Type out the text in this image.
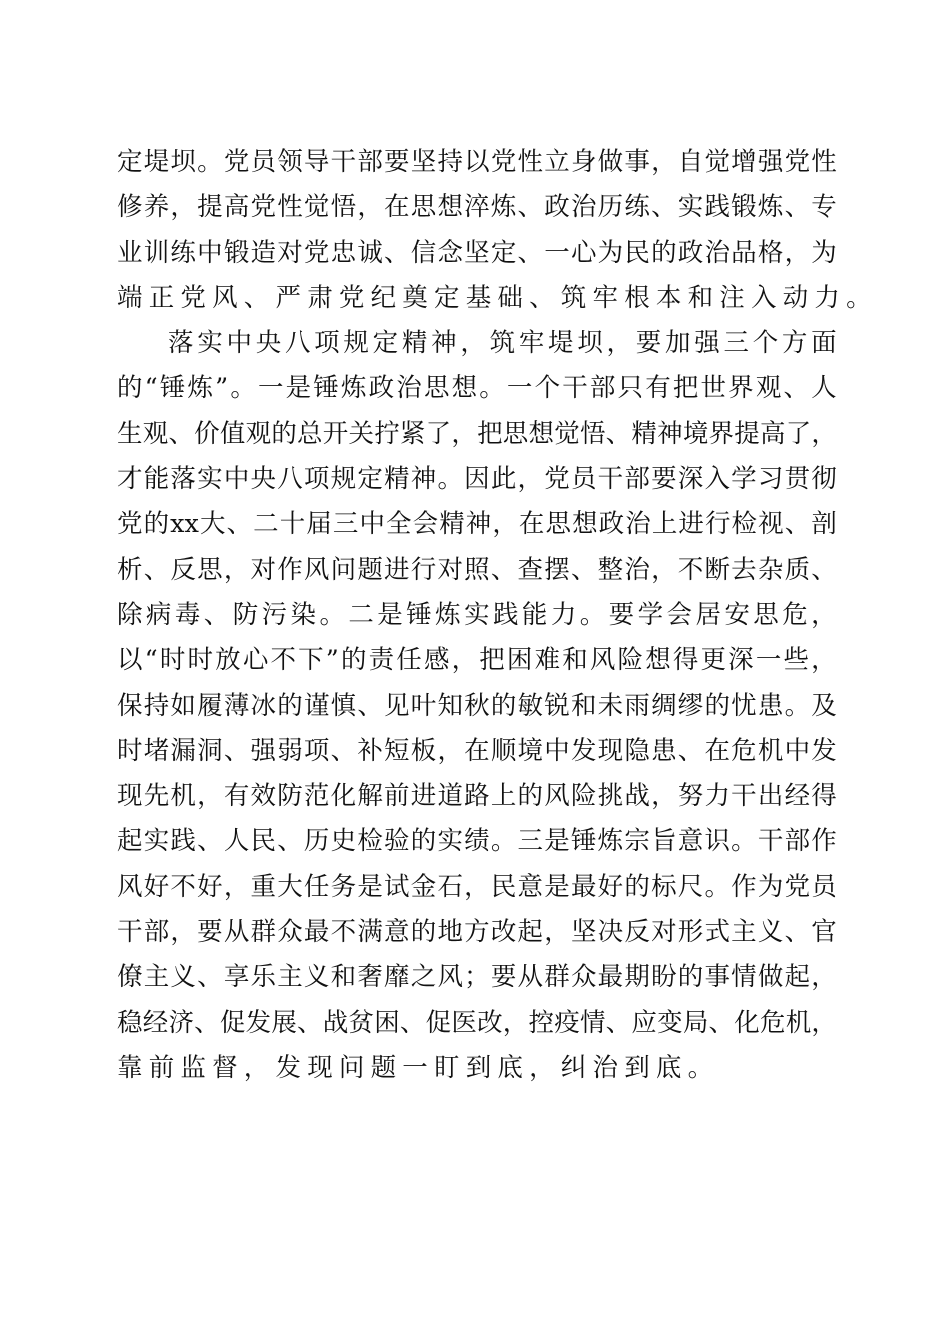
定 堤 坝 。 党 员 领 导 干 部 要 坚 持 以 党 性 立 身 做 事 ， 自 觉 增 强 党 性
修 养 ， 提 高 党 性 觉 悟 ， 在 思 想 淬 炼 、 政 治 历 练 、 实 践 锻 炼 、 专
业 训 练 中 锻 造 对 党 忠 诚 、 信 念 坚 定 、 一 心 为 民 的 政 治 品 格 ， 为
端正党风、严肃党纪奠定基础、筑牢根本和注入动力。
落 实 中 央 八 项 规 定 精 神 ， 筑 牢 堤 坝 ， 要 加 强 三 个 方 面
的 “ 锤 炼 ” 。 一 是 锤 炼 政 治 思 想 。 一 个 干 部 只 有 把 世 界 观 、 人
生 观 、 价 值 观 的 总 开 关 拧 紧 了 ， 把 思 想 觉 悟 、 精 神 境 界 提 高 了 ，
才 能 落 实 中 央 八 项 规 定 精 神 。 因 此 ， 党 员 干 部 要 深 入 学 习 贯 彻
党 的 xx 大 、 二 十 届 三 中 全 会 精 神 ， 在 思 想 政 治 上 进 行 检 视 、 剖
析 、 反 思 ， 对 作 风 问 题 进 行 对 照 、 查 摆 、 整 治 ， 不 断 去 杂 质 、
除 病 毒 、 防 污 染 。 二 是 锤 炼 实 践 能 力 。 要 学 会 居 安 思 危 ，
以 “ 时 时 放 心 不 下 ” 的 责 任 感 ， 把 困 难 和 风 险 想 得 更 深 一 些 ，
保 持 如 履 薄 冰 的 谨 慎 、 见 叶 知 秋 的 敏 锐 和 未 雨 绸 缪 的 忧 患 。 及
时 堵 漏 洞 、 强 弱 项 、 补 短 板 ， 在 顺 境 中 发 现 隐 患 、 在 危 机 中 发
现 先 机 ， 有 效 防 范 化 解 前 进 道 路 上 的 风 险 挑 战 ， 努 力 干 出 经 得
起 实 践 、 人 民 、 历 史 检 验 的 实 绩 。 三 是 锤 炼 宗 旨 意 识 。 干 部 作
风 好 不 好 ， 重 大 任 务 是 试 金 石 ， 民 意 是 最 好 的 标 尺 。 作 为 党 员
干 部 ， 要 从 群 众 最 不 满 意 的 地 方 改 起 ， 坚 决 反 对 形 式 主 义 、 官
僚 主 义 、 享 乐 主 义 和 奢 靡 之 风 ； 要 从 群 众 最 期 盼 的 事 情 做 起 ，
稳 经 济 、 促 发 展 、 战 贫 困 、 促 医 改 ， 控 疫 情 、 应 变 局 、 化 危 机 ，
靠前监督，发现问题一盯到底，纠治到底。
